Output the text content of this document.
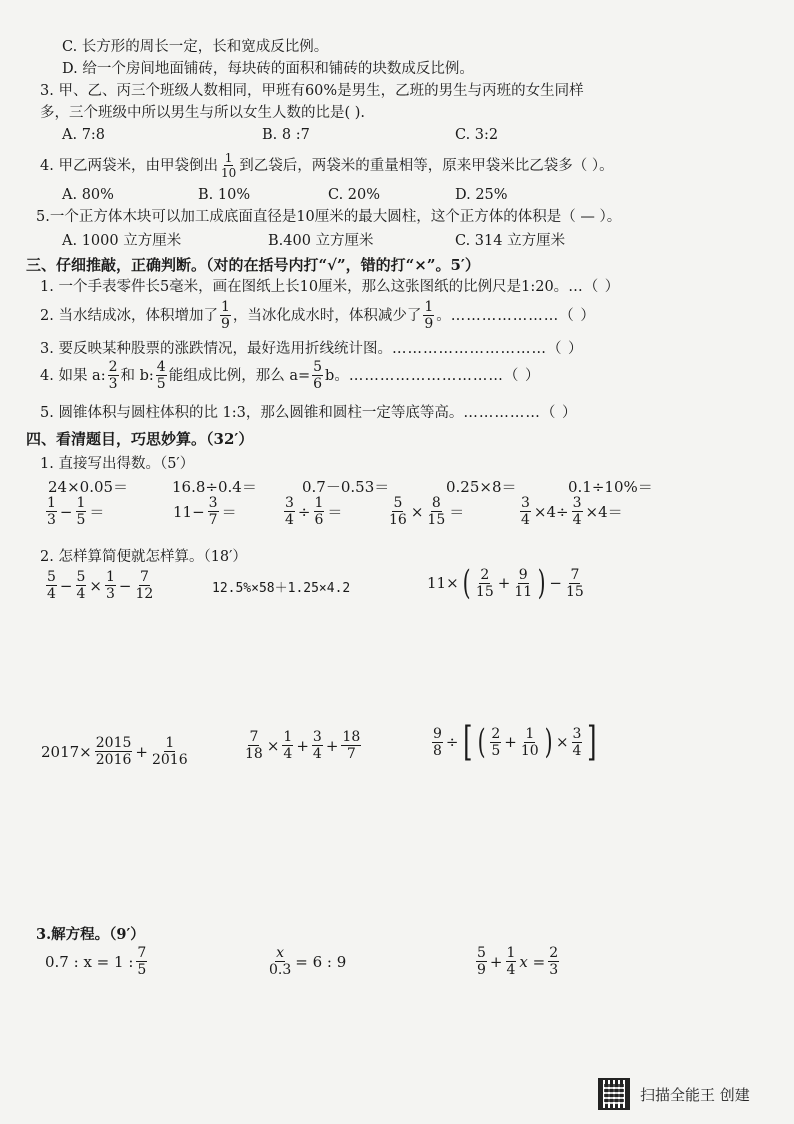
C. 长方形的周长一定，长和宽成反比例。
D. 给一个房间地面铺砖，每块砖的面积和铺砖的块数成反比例。
3. 甲、乙、丙三个班级人数相同，甲班有60%是男生，乙班的男生与丙班的女生同样
多，三个班级中所以男生与所以女生人数的比是( ).
A. 7:8	B. 8 :7	C. 3:2
4. 甲乙两袋米，由甲袋倒出 $\frac{1}{10}$ 到乙袋后，两袋米的重量相等，原来甲袋米比乙袋多（ ）。
A. 80%	B. 10%	C. 20%	D. 25%
5.一个正方体木块可以加工成底面直径是10厘米的最大圆柱，这个正方体的体积是（ — ）。
A. 1000 立方厘米	B.400 立方厘米	C. 314 立方厘米
三、仔细推敲，正确判断。（对的在括号内打“√”，错的打“×”。5′）
1. 一个手表零件长5毫米，画在图纸上长10厘米，那么这张图纸的比例尺是1:20。…（ ）
2. 当水结成冰，体积增加了 $\frac{1}{9}$ ，当冰化成水时，体积减少了 $\frac{1}{9}$ 。 …………………（ ）
3. 要反映某种股票的涨跌情况，最好选用折线统计图。…………………………（ ）
4. 如果 a: $\frac{2}{3}$ 和 b: $\frac{4}{5}$ 能组成比例，那么 $a= \frac{5}{6}$ b。 …………………………（ ）
5. 圆锥体积与圆柱体积的比 1:3，那么圆锥和圆柱一定等底等高。……………（ ）
四、看清题目，巧思妙算。（32′）
1. 直接写出得数。（5′）
24×0.05＝	16.8÷0.4＝	0.7－0.53＝	0.25×8＝	0.1÷10%＝
$\frac{1}{3} - \frac{1}{5}$ ＝	$11- \frac{3}{7}$ ＝	$\frac{3}{4} \div \frac{1}{6}$ ＝	$\frac{5}{16} \times \frac{8}{15}$ ＝	$\frac{3}{4} \times 4\div \frac{3}{4} \times 4=$
2. 怎样算简便就怎样算。（18′）
$\frac{5}{4} - \frac{5}{4} \times \frac{1}{3} - \frac{7}{12}$	12.5%×58＋1.25×4.2	11× ( $\frac{2}{15} + \frac{9}{11}$ ) − $\frac{7}{15}$
$2017\times \frac{2015}{2016} + \frac{1}{2016}$	$\frac{7}{18} \times \frac{1}{4} + \frac{3}{4} + \frac{18}{7}$	$\frac{9}{8}$ ÷ [ ( $\frac{2}{5} + \frac{1}{10}$ ) × $\frac{3}{4}$ ]
3.解方程。（9′）
0.7 : x = 1 : $\frac{7}{5}$	$\frac{x}{0.3} = 6$ : 9	$\frac{5}{9} + \frac{1}{4}$ $x = \frac{2}{3}$
扫描全能王 创建
